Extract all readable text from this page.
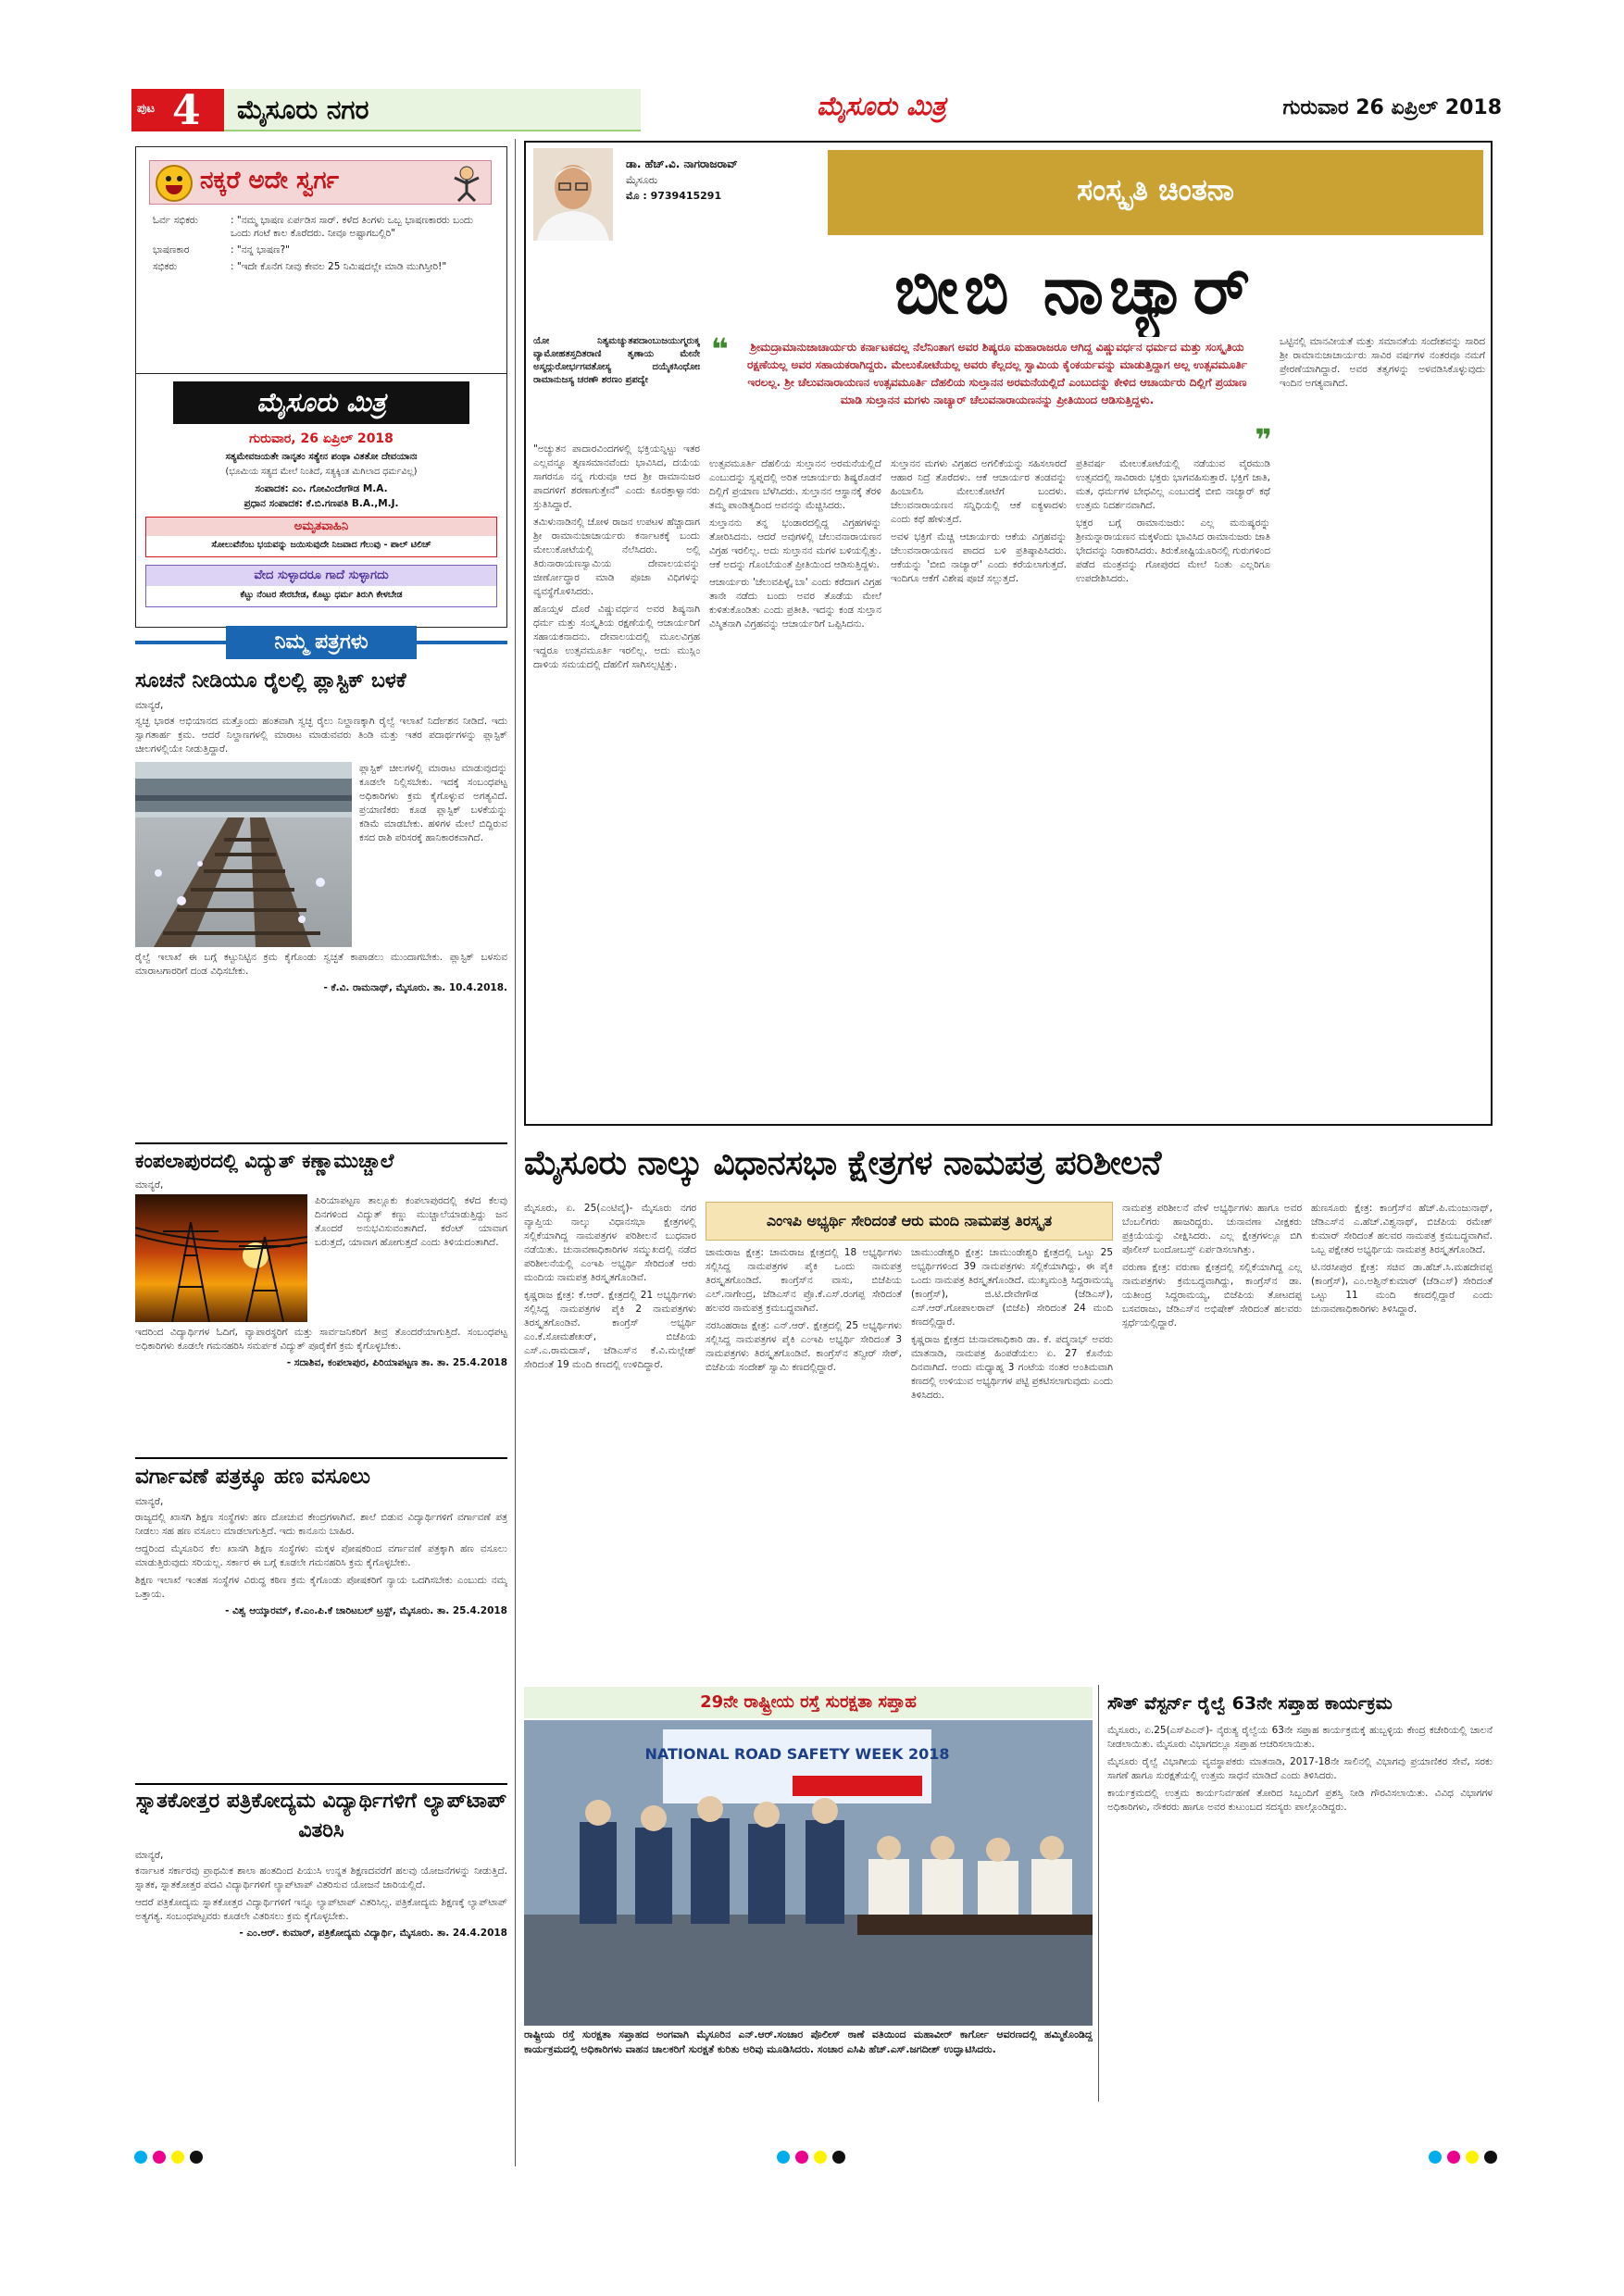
ಪುಟ 4 ಮೈಸೂರು ನಗರ	ಮೈಸೂರು ಮಿತ್ರ	ಗುರುವಾರ 26 ಏಪ್ರಿಲ್ 2018
ನಕ್ಕರೆ ಅದೇ ಸ್ವರ್ಗ
ಓರ್ವ ಸಭಿಕರು	: "ನಮ್ಮ ಭಾಷಣ ಏರ್ಪಡಿಸ ಸಾರ್. ಕಳೆದ ತಿಂಗಳು ಒಬ್ಬ ಭಾಷಣಕಾರರು ಬಂದು ಒಂದು ಗಂಟೆ ಕಾಲ ಕೊರೆದರು. ನೀವೂ ಅಷ್ಟಾಗಬಲ್ಲಿರಿ"
ಭಾಷಣಕಾರ	: "ನನ್ನ ಭಾಷಣ?"
ಸಭಿಕರು	: "ಇದೇ ಕೊನೆಗ ನೀವು ಕೇವಲ 25 ನಿಮಿಷದಲ್ಲೇ ಮಾಡಿ ಮುಗಿಸ್ತೀರಿ!"
ಮೈಸೂರು ಮಿತ್ರ
ಗುರುವಾರ, 26 ಏಪ್ರಿಲ್ 2018
ಸತ್ಯಮೇವಜಯತೇ ನಾನೃತಂ ಸತ್ಯೇನ ಪಂಥಾ ವಿತತೋ ದೇವಯಾನಃ
(ಭೂಮಿಯ ಸತ್ಯದ ಮೇಲೆ ನಿಂತಿದೆ, ಸತ್ಯಕ್ಕಿಂತ ಮಿಗಿಲಾದ ಧರ್ಮವಿಲ್ಲ)
ಸಂಪಾದಕ: ಎಂ. ಗೋವಿಂದೇಗೌಡ M.A.
ಪ್ರಧಾನ ಸಂಪಾದಕ: ಕೆ.ಬಿ.ಗಣಪತಿ B.A.,M.J.
ಅಮೃತವಾಹಿನಿ
ಸೋಲುವೆನೆಂಬ ಭಯವನ್ನು ಜಯಿಸುವುದೇ ನಿಜವಾದ ಗೆಲುವು - ಪಾಲ್ ಟಿಲಿಚ್
ವೇದ ಸುಳ್ಳಾದರೂ ಗಾದೆ ಸುಳ್ಳಾಗದು
ಕೆಟ್ಟು ನೆಂಟರ ಸೇರಬೇಡ, ಕೊಟ್ಟು ಧರ್ಮ ತಿರುಗಿ ಕೇಳಬೇಡ
ನಿಮ್ಮ ಪತ್ರಗಳು
ಸೂಚನೆ ನೀಡಿಯೂ ರೈಲಲ್ಲಿ ಪ್ಲಾಸ್ಟಿಕ್ ಬಳಕೆ
ಮಾನ್ಯರೆ,
ಸ್ವಚ್ಛ ಭಾರತ ಅಭಿಯಾನದ ಮತ್ತೊಂದು ಹಂತವಾಗಿ ಸ್ವಚ್ಛ ರೈಲು ನಿಲ್ದಾಣಕ್ಕಾಗಿ ರೈಲ್ವೆ ಇಲಾಖೆ ನಿರ್ದೇಶನ ನೀಡಿದೆ. ಇದು ಸ್ವಾಗತಾರ್ಹ ಕ್ರಮ. ಆದರೆ ನಿಲ್ದಾಣಗಳಲ್ಲಿ ಮಾರಾಟ ಮಾಡುವವರು ತಿಂಡಿ ಮತ್ತು ಇತರ ಪದಾರ್ಥಗಳನ್ನು ಪ್ಲಾಸ್ಟಿಕ್ ಚೀಲಗಳಲ್ಲಿಯೇ ನೀಡುತ್ತಿದ್ದಾರೆ.
ಪ್ಲಾಸ್ಟಿಕ್ ಚೀಲಗಳಲ್ಲಿ ಮಾರಾಟ ಮಾಡುವುದನ್ನು ಕೂಡಲೇ ನಿಲ್ಲಿಸಬೇಕು. ಇದಕ್ಕೆ ಸಂಬಂಧಪಟ್ಟ ಅಧಿಕಾರಿಗಳು ಕ್ರಮ ಕೈಗೊಳ್ಳುವ ಅಗತ್ಯವಿದೆ. ಪ್ರಯಾಣಿಕರು ಕೂಡ ಪ್ಲಾಸ್ಟಿಕ್ ಬಳಕೆಯನ್ನು ಕಡಿಮೆ ಮಾಡಬೇಕು. ಹಳಿಗಳ ಮೇಲೆ ಬಿದ್ದಿರುವ ಕಸದ ರಾಶಿ ಪರಿಸರಕ್ಕೆ ಹಾನಿಕಾರಕವಾಗಿದೆ.
ರೈಲ್ವೆ ಇಲಾಖೆ ಈ ಬಗ್ಗೆ ಕಟ್ಟುನಿಟ್ಟಿನ ಕ್ರಮ ಕೈಗೊಂಡು ಸ್ವಚ್ಛತೆ ಕಾಪಾಡಲು ಮುಂದಾಗಬೇಕು. ಪ್ಲಾಸ್ಟಿಕ್ ಬಳಸುವ ಮಾರಾಟಗಾರರಿಗೆ ದಂಡ ವಿಧಿಸಬೇಕು.
- ಕೆ.ವಿ. ರಾಮನಾಥ್, ಮೈಸೂರು. ತಾ. 10.4.2018.
ಕಂಪಲಾಪುರದಲ್ಲಿ ವಿದ್ಯುತ್ ಕಣ್ಣಾಮುಚ್ಚಾಲೆ
ಮಾನ್ಯರೆ,
ಪಿರಿಯಾಪಟ್ಟಣ ತಾಲ್ಲೂಕು ಕಂಪಲಾಪುರದಲ್ಲಿ ಕಳೆದ ಕೆಲವು ದಿನಗಳಿಂದ ವಿದ್ಯುತ್ ಕಣ್ಣು ಮುಚ್ಚಾಲೆಯಾಡುತ್ತಿದ್ದು ಜನ ತೊಂದರೆ ಅನುಭವಿಸುವಂತಾಗಿದೆ. ಕರೆಂಟ್ ಯಾವಾಗ ಬರುತ್ತದೆ, ಯಾವಾಗ ಹೋಗುತ್ತದೆ ಎಂದು ತಿಳಿಯದಂತಾಗಿದೆ.
ಇದರಿಂದ ವಿದ್ಯಾರ್ಥಿಗಳ ಓದಿಗೆ, ವ್ಯಾಪಾರಸ್ಥರಿಗೆ ಮತ್ತು ಸಾರ್ವಜನಿಕರಿಗೆ ತೀವ್ರ ತೊಂದರೆಯಾಗುತ್ತಿದೆ. ಸಂಬಂಧಪಟ್ಟ ಅಧಿಕಾರಿಗಳು ಕೂಡಲೇ ಗಮನಹರಿಸಿ ಸಮರ್ಪಕ ವಿದ್ಯುತ್ ಪೂರೈಕೆಗೆ ಕ್ರಮ ಕೈಗೊಳ್ಳಬೇಕು.
- ಸದಾಶಿವ, ಕಂಪಲಾಪುರ, ಪಿರಿಯಾಪಟ್ಟಣ ತಾ. ತಾ. 25.4.2018
ವರ್ಗಾವಣೆ ಪತ್ರಕ್ಕೂ ಹಣ ವಸೂಲು
ಮಾನ್ಯರೆ,
ರಾಜ್ಯದಲ್ಲಿ ಖಾಸಗಿ ಶಿಕ್ಷಣ ಸಂಸ್ಥೆಗಳು ಹಣ ದೋಚುವ ಕೇಂದ್ರಗಳಾಗಿವೆ. ಶಾಲೆ ಬಿಡುವ ವಿದ್ಯಾರ್ಥಿಗಳಿಗೆ ವರ್ಗಾವಣೆ ಪತ್ರ ನೀಡಲು ಸಹ ಹಣ ವಸೂಲು ಮಾಡಲಾಗುತ್ತಿದೆ. ಇದು ಕಾನೂನು ಬಾಹಿರ.
ಆದ್ದರಿಂದ ಮೈಸೂರಿನ ಕೆಲ ಖಾಸಗಿ ಶಿಕ್ಷಣ ಸಂಸ್ಥೆಗಳು ಮಕ್ಕಳ ಪೋಷಕರಿಂದ ವರ್ಗಾವಣೆ ಪತ್ರಕ್ಕಾಗಿ ಹಣ ವಸೂಲು ಮಾಡುತ್ತಿರುವುದು ಸರಿಯಲ್ಲ. ಸರ್ಕಾರ ಈ ಬಗ್ಗೆ ಕೂಡಲೇ ಗಮನಹರಿಸಿ ಕ್ರಮ ಕೈಗೊಳ್ಳಬೇಕು.
ಶಿಕ್ಷಣ ಇಲಾಖೆ ಇಂತಹ ಸಂಸ್ಥೆಗಳ ವಿರುದ್ಧ ಕಠಿಣ ಕ್ರಮ ಕೈಗೊಂಡು ಪೋಷಕರಿಗೆ ನ್ಯಾಯ ಒದಗಿಸಬೇಕು ಎಂಬುದು ನಮ್ಮ ಒತ್ತಾಯ.
- ವಿಶ್ವ ಆಯ್ಕಾರಮ್, ಕೆ.ಎಂ.ಪಿ.ಕೆ ಚಾರಿಟಬಲ್ ಟ್ರಸ್ಟ್, ಮೈಸೂರು. ತಾ. 25.4.2018
ಸ್ನಾತಕೋತ್ತರ ಪತ್ರಿಕೋದ್ಯಮ ವಿದ್ಯಾರ್ಥಿಗಳಿಗೆ ಲ್ಯಾಪ್‌ಟಾಪ್ ವಿತರಿಸಿ
ಮಾನ್ಯರೆ,
ಕರ್ನಾಟಕ ಸರ್ಕಾರವು ಪ್ರಾಥಮಿಕ ಶಾಲಾ ಹಂತದಿಂದ ಪಿಯುಸಿ ಉನ್ನತ ಶಿಕ್ಷಣದವರೆಗೆ ಹಲವು ಯೋಜನೆಗಳನ್ನು ನೀಡುತ್ತಿದೆ. ಸ್ನಾತಕ, ಸ್ನಾತಕೋತ್ತರ ಪದವಿ ವಿದ್ಯಾರ್ಥಿಗಳಿಗೆ ಲ್ಯಾಪ್‌ಟಾಪ್ ವಿತರಿಸುವ ಯೋಜನೆ ಜಾರಿಯಲ್ಲಿದೆ.
ಆದರೆ ಪತ್ರಿಕೋದ್ಯಮ ಸ್ನಾತಕೋತ್ತರ ವಿದ್ಯಾರ್ಥಿಗಳಿಗೆ ಇನ್ನೂ ಲ್ಯಾಪ್‌ಟಾಪ್ ವಿತರಿಸಿಲ್ಲ. ಪತ್ರಿಕೋದ್ಯಮ ಶಿಕ್ಷಣಕ್ಕೆ ಲ್ಯಾಪ್‌ಟಾಪ್ ಅತ್ಯಗತ್ಯ. ಸಂಬಂಧಪಟ್ಟವರು ಕೂಡಲೇ ವಿತರಿಸಲು ಕ್ರಮ ಕೈಗೊಳ್ಳಬೇಕು.
- ಎಂ.ಆರ್. ಕುಮಾರ್, ಪತ್ರಿಕೋದ್ಯಮ ವಿದ್ಯಾರ್ಥಿ, ಮೈಸೂರು. ತಾ. 24.4.2018
ಡಾ. ಹೆಚ್.ವಿ. ನಾಗರಾಜರಾವ್
ಮೈಸೂರು
ಮೊ : 9739415291	ಸಂಸ್ಕೃತಿ ಚಿಂತನಾ
ಬೀಬಿ ನಾಚ್ಯಾರ್
ಯೋ ನಿತ್ಯಮಚ್ಯುತಪದಾಂಬುಜಯುಗ್ಮರುಕ್ಮ ವ್ಯಾಮೋಹತಸ್ತದಿತರಾಣಿ ತೃಣಾಯ ಮೇನೇ ಅಸ್ಮದ್ಗುರೋರ್ಭಗವತೋಸ್ಯ ದಯೈಕಸಿಂಧೋಃ ರಾಮಾನುಜಸ್ಯ ಚರಣೌ ಶರಣಂ ಪ್ರಪದ್ಯೇ
❝	ಶ್ರೀಮದ್ರಾಮಾನುಜಾಚಾರ್ಯರು ಕರ್ನಾಟಕದಲ್ಲ ನೆಲೆನಿಂತಾಗ ಅವರ ಶಿಷ್ಯರೂ ಮಹಾರಾಜರೂ ಆಗಿದ್ದ ವಿಷ್ಣುವರ್ಧನ ಧರ್ಮದ ಮತ್ತು ಸಂಸ್ಕೃತಿಯ ರಕ್ಷಣೆಯಲ್ಲ ಅವರ ಸಹಾಯಕರಾಗಿದ್ದರು. ಮೇಲುಕೋಟೆಯಲ್ಲ ಅವರು ಕೆಲ್ಲದಲ್ಲ ಸ್ವಾಮಿಯ ಕೈಂಕರ್ಯವನ್ನು ಮಾಡುತ್ತಿದ್ದಾಗ ಅಲ್ಲ ಉತ್ಸವಮೂರ್ತಿ ಇರಲಲ್ಲ. ಶ್ರೀ ಚೆಲುವನಾರಾಯಣನ ಉತ್ಸವಮೂರ್ತಿ ದೆಹಲಿಯ ಸುಲ್ತಾನನ ಅರಮನೆಯಲ್ಲಿದೆ ಎಂಬುದನ್ನು ಕೇಳಿದ ಆಚಾರ್ಯರು ದಿಲ್ಲಿಗೆ ಪ್ರಯಾಣ ಮಾಡಿ ಸುಲ್ತಾನನ ಮಗಳು ನಾಚ್ಯಾರ್ ಚೆಲುವನಾರಾಯಣನನ್ನು ಪ್ರೀತಿಯಿಂದ ಆಡಿಸುತ್ತಿದ್ದಳು.
❞
"ಅಚ್ಯುತನ ಪಾದಾರವಿಂದಗಳಲ್ಲಿ ಭಕ್ತಿಯನ್ನಿಟ್ಟು ಇತರ ಎಲ್ಲವನ್ನೂ ತೃಣಸಮಾನವೆಂದು ಭಾವಿಸಿದ, ದಯೆಯ ಸಾಗರನೂ ನನ್ನ ಗುರುವೂ ಆದ ಶ್ರೀ ರಾಮಾನುಜರ ಪಾದಗಳಿಗೆ ಶರಣಾಗುತ್ತೇನೆ" ಎಂದು ಕೂರತ್ತಾಳ್ವಾನರು ಸ್ತುತಿಸಿದ್ದಾರೆ.
ತಮಿಳುನಾಡಿನಲ್ಲಿ ಚೋಳ ರಾಜನ ಉಪಟಳ ಹೆಚ್ಚಾದಾಗ ಶ್ರೀ ರಾಮಾನುಜಾಚಾರ್ಯರು ಕರ್ನಾಟಕಕ್ಕೆ ಬಂದು ಮೇಲುಕೋಟೆಯಲ್ಲಿ ನೆಲೆಸಿದರು. ಅಲ್ಲಿ ತಿರುನಾರಾಯಣಸ್ವಾಮಿಯ ದೇವಾಲಯವನ್ನು ಜೀರ್ಣೋದ್ಧಾರ ಮಾಡಿ ಪೂಜಾ ವಿಧಿಗಳನ್ನು ವ್ಯವಸ್ಥೆಗೊಳಿಸಿದರು.
ಹೊಯ್ಸಳ ದೊರೆ ವಿಷ್ಣುವರ್ಧನ ಅವರ ಶಿಷ್ಯನಾಗಿ ಧರ್ಮ ಮತ್ತು ಸಂಸ್ಕೃತಿಯ ರಕ್ಷಣೆಯಲ್ಲಿ ಆಚಾರ್ಯರಿಗೆ ಸಹಾಯಕನಾದನು. ದೇವಾಲಯದಲ್ಲಿ ಮೂಲವಿಗ್ರಹ ಇದ್ದರೂ ಉತ್ಸವಮೂರ್ತಿ ಇರಲಿಲ್ಲ. ಅದು ಮುಸ್ಲಿಂ ದಾಳಿಯ ಸಮಯದಲ್ಲಿ ದೆಹಲಿಗೆ ಸಾಗಿಸಲ್ಪಟ್ಟಿತ್ತು.
ಉತ್ಸವಮೂರ್ತಿ ದೆಹಲಿಯ ಸುಲ್ತಾನನ ಅರಮನೆಯಲ್ಲಿದೆ ಎಂಬುದನ್ನು ಸ್ವಪ್ನದಲ್ಲಿ ಅರಿತ ಆಚಾರ್ಯರು ಶಿಷ್ಯರೊಡನೆ ದಿಲ್ಲಿಗೆ ಪ್ರಯಾಣ ಬೆಳೆಸಿದರು. ಸುಲ್ತಾನನ ಆಸ್ಥಾನಕ್ಕೆ ತೆರಳಿ ತಮ್ಮ ಪಾಂಡಿತ್ಯದಿಂದ ಅವನನ್ನು ಮೆಚ್ಚಿಸಿದರು.
ಸುಲ್ತಾನನು ತನ್ನ ಭಂಡಾರದಲ್ಲಿದ್ದ ವಿಗ್ರಹಗಳನ್ನು ತೋರಿಸಿದನು. ಆದರೆ ಅವುಗಳಲ್ಲಿ ಚೆಲುವನಾರಾಯಣನ ವಿಗ್ರಹ ಇರಲಿಲ್ಲ. ಅದು ಸುಲ್ತಾನನ ಮಗಳ ಬಳಿಯಲ್ಲಿತ್ತು. ಆಕೆ ಅದನ್ನು ಗೊಂಬೆಯಂತೆ ಪ್ರೀತಿಯಿಂದ ಆಡಿಸುತ್ತಿದ್ದಳು.
ಆಚಾರ್ಯರು 'ಚೆಲುವಪಿಳ್ಳೈ ಬಾ' ಎಂದು ಕರೆದಾಗ ವಿಗ್ರಹ ತಾನೇ ನಡೆದು ಬಂದು ಅವರ ತೊಡೆಯ ಮೇಲೆ ಕುಳಿತುಕೊಂಡಿತು ಎಂದು ಪ್ರತೀತಿ. ಇದನ್ನು ಕಂಡ ಸುಲ್ತಾನ ವಿಸ್ಮಿತನಾಗಿ ವಿಗ್ರಹವನ್ನು ಆಚಾರ್ಯರಿಗೆ ಒಪ್ಪಿಸಿದನು.
ಸುಲ್ತಾನನ ಮಗಳು ವಿಗ್ರಹದ ಅಗಲಿಕೆಯನ್ನು ಸಹಿಸಲಾರದೆ ಆಹಾರ ನಿದ್ರೆ ತೊರೆದಳು. ಆಕೆ ಆಚಾರ್ಯರ ತಂಡವನ್ನು ಹಿಂಬಾಲಿಸಿ ಮೇಲುಕೋಟೆಗೆ ಬಂದಳು. ಚೆಲುವನಾರಾಯಣನ ಸನ್ನಿಧಿಯಲ್ಲಿ ಆಕೆ ಐಕ್ಯಳಾದಳು ಎಂದು ಕಥೆ ಹೇಳುತ್ತದೆ.
ಅವಳ ಭಕ್ತಿಗೆ ಮೆಚ್ಚಿ ಆಚಾರ್ಯರು ಆಕೆಯ ವಿಗ್ರಹವನ್ನು ಚೆಲುವನಾರಾಯಣನ ಪಾದದ ಬಳಿ ಪ್ರತಿಷ್ಠಾಪಿಸಿದರು. ಆಕೆಯನ್ನು 'ಬೀಬಿ ನಾಚ್ಯಾರ್' ಎಂದು ಕರೆಯಲಾಗುತ್ತದೆ. ಇಂದಿಗೂ ಆಕೆಗೆ ವಿಶೇಷ ಪೂಜೆ ಸಲ್ಲುತ್ತದೆ.
ಪ್ರತಿವರ್ಷ ಮೇಲುಕೋಟೆಯಲ್ಲಿ ನಡೆಯುವ ವೈರಮುಡಿ ಉತ್ಸವದಲ್ಲಿ ಸಾವಿರಾರು ಭಕ್ತರು ಭಾಗವಹಿಸುತ್ತಾರೆ. ಭಕ್ತಿಗೆ ಜಾತಿ, ಮತ, ಧರ್ಮಗಳ ಬೇಧವಿಲ್ಲ ಎಂಬುದಕ್ಕೆ ಬೀಬಿ ನಾಚ್ಯಾರ್ ಕಥೆ ಉತ್ತಮ ನಿದರ್ಶನವಾಗಿದೆ.
ಭಕ್ತರ ಬಗ್ಗೆ ರಾಮಾನುಜರು: ಎಲ್ಲ ಮನುಷ್ಯರನ್ನು ಶ್ರೀಮನ್ನಾರಾಯಣನ ಮಕ್ಕಳೆಂದು ಭಾವಿಸಿದ ರಾಮಾನುಜರು ಜಾತಿ ಭೇದವನ್ನು ನಿರಾಕರಿಸಿದರು. ತಿರುಕೋಷ್ಟಿಯೂರಿನಲ್ಲಿ ಗುರುಗಳಿಂದ ಪಡೆದ ಮಂತ್ರವನ್ನು ಗೋಪುರದ ಮೇಲೆ ನಿಂತು ಎಲ್ಲರಿಗೂ ಉಪದೇಶಿಸಿದರು.
ಒಟ್ಟಿನಲ್ಲಿ ಮಾನವೀಯತೆ ಮತ್ತು ಸಮಾನತೆಯ ಸಂದೇಶವನ್ನು ಸಾರಿದ ಶ್ರೀ ರಾಮಾನುಜಾಚಾರ್ಯರು ಸಾವಿರ ವರ್ಷಗಳ ನಂತರವೂ ನಮಗೆ ಪ್ರೇರಣೆಯಾಗಿದ್ದಾರೆ. ಅವರ ತತ್ವಗಳನ್ನು ಅಳವಡಿಸಿಕೊಳ್ಳುವುದು ಇಂದಿನ ಅಗತ್ಯವಾಗಿದೆ.
ಮೈಸೂರು ನಾಲ್ಕು ವಿಧಾನಸಭಾ ಕ್ಷೇತ್ರಗಳ ನಾಮಪತ್ರ ಪರಿಶೀಲನೆ
ಮೈಸೂರು, ಏ. 25(ಎಂಟಿವೈ)- ಮೈಸೂರು ನಗರ ವ್ಯಾಪ್ತಿಯ ನಾಲ್ಕು ವಿಧಾನಸಭಾ ಕ್ಷೇತ್ರಗಳಲ್ಲಿ ಸಲ್ಲಿಕೆಯಾಗಿದ್ದ ನಾಮಪತ್ರಗಳ ಪರಿಶೀಲನೆ ಬುಧವಾರ ನಡೆಯಿತು. ಚುನಾವಣಾಧಿಕಾರಿಗಳ ಸಮ್ಮುಖದಲ್ಲಿ ನಡೆದ ಪರಿಶೀಲನೆಯಲ್ಲಿ ಎಂಇಪಿ ಅಭ್ಯರ್ಥಿ ಸೇರಿದಂತೆ ಆರು ಮಂದಿಯ ನಾಮಪತ್ರ ತಿರಸ್ಕೃತಗೊಂಡಿವೆ.
ಕೃಷ್ಣರಾಜ ಕ್ಷೇತ್ರ: ಕೆ.ಆರ್. ಕ್ಷೇತ್ರದಲ್ಲಿ 21 ಅಭ್ಯರ್ಥಿಗಳು ಸಲ್ಲಿಸಿದ್ದ ನಾಮಪತ್ರಗಳ ಪೈಕಿ 2 ನಾಮಪತ್ರಗಳು ತಿರಸ್ಕೃತಗೊಂಡಿವೆ. ಕಾಂಗ್ರೆಸ್ ಅಭ್ಯರ್ಥಿ ಎಂ.ಕೆ.ಸೋಮಶೇಖರ್, ಬಿಜೆಪಿಯ ಎಸ್.ಎ.ರಾಮದಾಸ್, ಜೆಡಿಎಸ್‌ನ ಕೆ.ವಿ.ಮಲ್ಲೇಶ್ ಸೇರಿದಂತೆ 19 ಮಂದಿ ಕಣದಲ್ಲಿ ಉಳಿದಿದ್ದಾರೆ.
ಎಂಇಪಿ ಅಭ್ಯರ್ಥಿ ಸೇರಿದಂತೆ ಆರು ಮಂದಿ ನಾಮಪತ್ರ ತಿರಸ್ಕೃತ
ಚಾಮರಾಜ ಕ್ಷೇತ್ರ: ಚಾಮರಾಜ ಕ್ಷೇತ್ರದಲ್ಲಿ 18 ಅಭ್ಯರ್ಥಿಗಳು ಸಲ್ಲಿಸಿದ್ದ ನಾಮಪತ್ರಗಳ ಪೈಕಿ ಒಂದು ನಾಮಪತ್ರ ತಿರಸ್ಕೃತಗೊಂಡಿದೆ. ಕಾಂಗ್ರೆಸ್‌ನ ವಾಸು, ಬಿಜೆಪಿಯ ಎಲ್.ನಾಗೇಂದ್ರ, ಜೆಡಿಎಸ್‌ನ ಪ್ರೊ.ಕೆ.ಎಸ್.ರಂಗಪ್ಪ ಸೇರಿದಂತೆ ಹಲವರ ನಾಮಪತ್ರ ಕ್ರಮಬದ್ಧವಾಗಿವೆ.
ನರಸಿಂಹರಾಜ ಕ್ಷೇತ್ರ: ಎನ್.ಆರ್. ಕ್ಷೇತ್ರದಲ್ಲಿ 25 ಅಭ್ಯರ್ಥಿಗಳು ಸಲ್ಲಿಸಿದ್ದ ನಾಮಪತ್ರಗಳ ಪೈಕಿ ಎಂಇಪಿ ಅಭ್ಯರ್ಥಿ ಸೇರಿದಂತೆ 3 ನಾಮಪತ್ರಗಳು ತಿರಸ್ಕೃತಗೊಂಡಿವೆ. ಕಾಂಗ್ರೆಸ್‌ನ ತನ್ವೀರ್ ಸೇಠ್, ಬಿಜೆಪಿಯ ಸಂದೇಶ್ ಸ್ವಾಮಿ ಕಣದಲ್ಲಿದ್ದಾರೆ.
ಚಾಮುಂಡೇಶ್ವರಿ ಕ್ಷೇತ್ರ: ಚಾಮುಂಡೇಶ್ವರಿ ಕ್ಷೇತ್ರದಲ್ಲಿ ಒಟ್ಟು 25 ಅಭ್ಯರ್ಥಿಗಳಿಂದ 39 ನಾಮಪತ್ರಗಳು ಸಲ್ಲಿಕೆಯಾಗಿದ್ದು, ಈ ಪೈಕಿ ಒಂದು ನಾಮಪತ್ರ ತಿರಸ್ಕೃತಗೊಂಡಿದೆ. ಮುಖ್ಯಮಂತ್ರಿ ಸಿದ್ದರಾಮಯ್ಯ (ಕಾಂಗ್ರೆಸ್), ಜಿ.ಟಿ.ದೇವೇಗೌಡ (ಜೆಡಿಎಸ್), ಎಸ್.ಆರ್.ಗೋಪಾಲರಾವ್ (ಬಿಜೆಪಿ) ಸೇರಿದಂತೆ 24 ಮಂದಿ ಕಣದಲ್ಲಿದ್ದಾರೆ.
ಕೃಷ್ಣರಾಜ ಕ್ಷೇತ್ರದ ಚುನಾವಣಾಧಿಕಾರಿ ಡಾ. ಕೆ. ಪದ್ಮನಾಭ್ ಅವರು ಮಾತನಾಡಿ, ನಾಮಪತ್ರ ಹಿಂಪಡೆಯಲು ಏ. 27 ಕೊನೆಯ ದಿನವಾಗಿದೆ. ಅಂದು ಮಧ್ಯಾಹ್ನ 3 ಗಂಟೆಯ ನಂತರ ಅಂತಿಮವಾಗಿ ಕಣದಲ್ಲಿ ಉಳಿಯುವ ಅಭ್ಯರ್ಥಿಗಳ ಪಟ್ಟಿ ಪ್ರಕಟಿಸಲಾಗುವುದು ಎಂದು ತಿಳಿಸಿದರು.
ನಾಮಪತ್ರ ಪರಿಶೀಲನೆ ವೇಳೆ ಅಭ್ಯರ್ಥಿಗಳು ಹಾಗೂ ಅವರ ಬೆಂಬಲಿಗರು ಹಾಜರಿದ್ದರು. ಚುನಾವಣಾ ವೀಕ್ಷಕರು ಪ್ರಕ್ರಿಯೆಯನ್ನು ವೀಕ್ಷಿಸಿದರು. ಎಲ್ಲ ಕ್ಷೇತ್ರಗಳಲ್ಲೂ ಬಿಗಿ ಪೊಲೀಸ್ ಬಂದೋಬಸ್ತ್ ಏರ್ಪಡಿಸಲಾಗಿತ್ತು.
ವರುಣಾ ಕ್ಷೇತ್ರ: ವರುಣಾ ಕ್ಷೇತ್ರದಲ್ಲಿ ಸಲ್ಲಿಕೆಯಾಗಿದ್ದ ಎಲ್ಲ ನಾಮಪತ್ರಗಳು ಕ್ರಮಬದ್ಧವಾಗಿದ್ದು, ಕಾಂಗ್ರೆಸ್‌ನ ಡಾ. ಯತೀಂದ್ರ ಸಿದ್ದರಾಮಯ್ಯ, ಬಿಜೆಪಿಯ ತೋಟದಪ್ಪ ಬಸವರಾಜು, ಜೆಡಿಎಸ್‌ನ ಅಭಿಷೇಕ್ ಸೇರಿದಂತೆ ಹಲವರು ಸ್ಪರ್ಧೆಯಲ್ಲಿದ್ದಾರೆ.
ಹುಣಸೂರು ಕ್ಷೇತ್ರ: ಕಾಂಗ್ರೆಸ್‌ನ ಹೆಚ್.ಪಿ.ಮಂಜುನಾಥ್, ಜೆಡಿಎಸ್‌ನ ಎ.ಹೆಚ್.ವಿಶ್ವನಾಥ್, ಬಿಜೆಪಿಯ ರಮೇಶ್ ಕುಮಾರ್ ಸೇರಿದಂತೆ ಹಲವರ ನಾಮಪತ್ರ ಕ್ರಮಬದ್ಧವಾಗಿವೆ. ಒಬ್ಬ ಪಕ್ಷೇತರ ಅಭ್ಯರ್ಥಿಯ ನಾಮಪತ್ರ ತಿರಸ್ಕೃತಗೊಂಡಿದೆ.
ಟಿ.ನರಸೀಪುರ ಕ್ಷೇತ್ರ: ಸಚಿವ ಡಾ.ಹೆಚ್.ಸಿ.ಮಹದೇವಪ್ಪ (ಕಾಂಗ್ರೆಸ್), ಎಂ.ಅಶ್ವಿನ್‌ಕುಮಾರ್ (ಜೆಡಿಎಸ್) ಸೇರಿದಂತೆ ಒಟ್ಟು 11 ಮಂದಿ ಕಣದಲ್ಲಿದ್ದಾರೆ ಎಂದು ಚುನಾವಣಾಧಿಕಾರಿಗಳು ತಿಳಿಸಿದ್ದಾರೆ.
29ನೇ ರಾಷ್ಟ್ರೀಯ ರಸ್ತೆ ಸುರಕ್ಷತಾ ಸಪ್ತಾಹ
NATIONAL ROAD SAFETY WEEK 2018
ರಾಷ್ಟ್ರೀಯ ರಸ್ತೆ ಸುರಕ್ಷತಾ ಸಪ್ತಾಹದ ಅಂಗವಾಗಿ ಮೈಸೂರಿನ ಎನ್.ಆರ್.ಸಂಚಾರ ಪೊಲೀಸ್ ಠಾಣೆ ವತಿಯಿಂದ ಮಹಾವೀರ್ ಕಾರ್ಗೋ ಆವರಣದಲ್ಲಿ ಹಮ್ಮಿಕೊಂಡಿದ್ದ ಕಾರ್ಯಕ್ರಮದಲ್ಲಿ ಅಧಿಕಾರಿಗಳು ವಾಹನ ಚಾಲಕರಿಗೆ ಸುರಕ್ಷತೆ ಕುರಿತು ಅರಿವು ಮೂಡಿಸಿದರು. ಸಂಚಾರ ಎಸಿಪಿ ಹೆಚ್.ಎಸ್.ಜಗದೀಶ್ ಉದ್ಘಾಟಿಸಿದರು.
ಸೌತ್ ವೆಸ್ಟರ್ನ್ ರೈಲ್ವೆ 63ನೇ ಸಪ್ತಾಹ ಕಾರ್ಯಕ್ರಮ
ಮೈಸೂರು, ಏ.25(ಎಸ್‌ಪಿಎನ್)- ನೈರುತ್ಯ ರೈಲ್ವೆಯ 63ನೇ ಸಪ್ತಾಹ ಕಾರ್ಯಕ್ರಮಕ್ಕೆ ಹುಬ್ಬಳ್ಳಿಯ ಕೇಂದ್ರ ಕಚೇರಿಯಲ್ಲಿ ಚಾಲನೆ ನೀಡಲಾಯಿತು. ಮೈಸೂರು ವಿಭಾಗದಲ್ಲೂ ಸಪ್ತಾಹ ಆಚರಿಸಲಾಯಿತು.
ಮೈಸೂರು ರೈಲ್ವೆ ವಿಭಾಗೀಯ ವ್ಯವಸ್ಥಾಪಕರು ಮಾತನಾಡಿ, 2017-18ನೇ ಸಾಲಿನಲ್ಲಿ ವಿಭಾಗವು ಪ್ರಯಾಣಿಕರ ಸೇವೆ, ಸರಕು ಸಾಗಣೆ ಹಾಗೂ ಸುರಕ್ಷತೆಯಲ್ಲಿ ಉತ್ತಮ ಸಾಧನೆ ಮಾಡಿದೆ ಎಂದು ತಿಳಿಸಿದರು.
ಕಾರ್ಯಕ್ರಮದಲ್ಲಿ ಉತ್ತಮ ಕಾರ್ಯನಿರ್ವಹಣೆ ತೋರಿದ ಸಿಬ್ಬಂದಿಗೆ ಪ್ರಶಸ್ತಿ ನೀಡಿ ಗೌರವಿಸಲಾಯಿತು. ವಿವಿಧ ವಿಭಾಗಗಳ ಅಧಿಕಾರಿಗಳು, ನೌಕರರು ಹಾಗೂ ಅವರ ಕುಟುಂಬದ ಸದಸ್ಯರು ಪಾಲ್ಗೊಂಡಿದ್ದರು.
